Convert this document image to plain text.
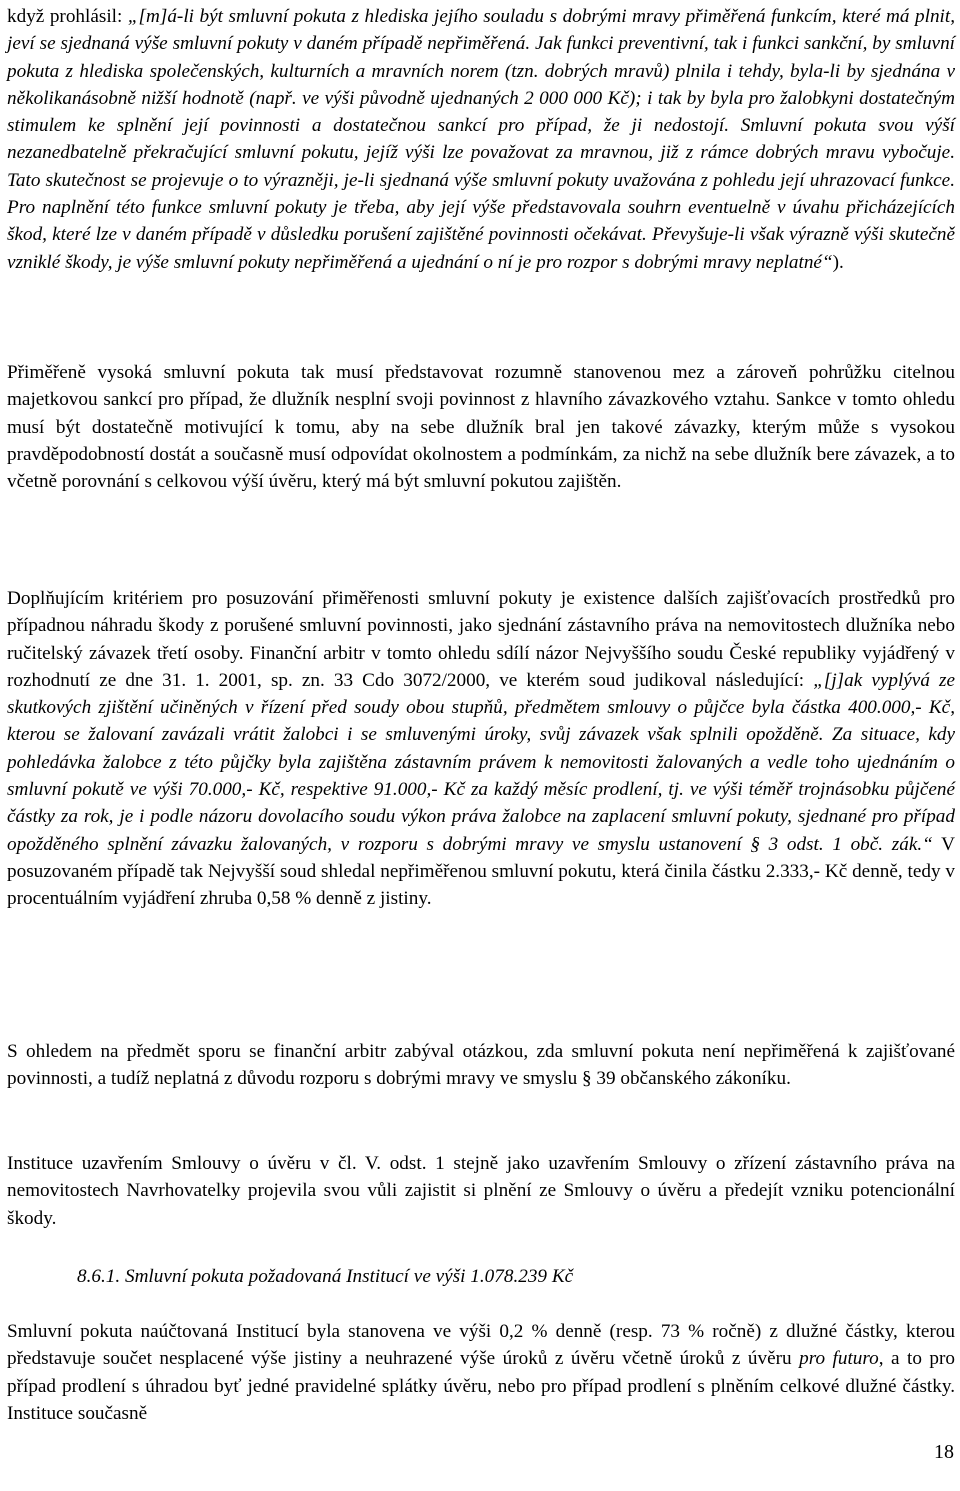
když prohlásil: „[m]á-li být smluvní pokuta z hlediska jejího souladu s dobrými mravy přiměřená funkcím, které má plnit, jeví se sjednaná výše smluvní pokuty v daném případě nepřiměřená. Jak funkci preventivní, tak i funkci sankční, by smluvní pokuta z hlediska společenských, kulturních a mravních norem (tzn. dobrých mravů) plnila i tehdy, byla-li by sjednána v několikanásobně nižší hodnotě (např. ve výši původně ujednaných 2 000 000 Kč); i tak by byla pro žalobkyni dostatečným stimulem ke splnění její povinnosti a dostatečnou sankcí pro případ, že ji nedostojí. Smluvní pokuta svou výší nezanedbatelně překračující smluvní pokutu, jejíž výši lze považovat za mravnou, již z rámce dobrých mravu vybočuje. Tato skutečnost se projevuje o to výrazněji, je-li sjednaná výše smluvní pokuty uvažována z pohledu její uhrazovací funkce. Pro naplnění této funkce smluvní pokuty je třeba, aby její výše představovala souhrn eventuelně v úvahu přicházejících škod, které lze v daném případě v důsledku porušení zajištěné povinnosti očekávat. Převyšuje-li však výrazně výši skutečně vzniklé škody, je výše smluvní pokuty nepřiměřená a ujednání o ní je pro rozpor s dobrými mravy neplatné“).

Přiměřeně vysoká smluvní pokuta tak musí představovat rozumně stanovenou mez a zároveň pohrůžku citelnou majetkovou sankcí pro případ, že dlužník nesplní svoji povinnost z hlavního závazkového vztahu. Sankce v tomto ohledu musí být dostatečně motivující k tomu, aby na sebe dlužník bral jen takové závazky, kterým může s vysokou pravděpodobností dostát a současně musí odpovídat okolnostem a podmínkám, za nichž na sebe dlužník bere závazek, a to včetně porovnání s celkovou výší úvěru, který má být smluvní pokutou zajištěn.

Doplňujícím kritériem pro posuzování přiměřenosti smluvní pokuty je existence dalších zajišťovacích prostředků pro případnou náhradu škody z porušené smluvní povinnosti, jako sjednání zástavního práva na nemovitostech dlužníka nebo ručitelský závazek třetí osoby. Finanční arbitr v tomto ohledu sdílí názor Nejvyššího soudu České republiky vyjádřený v rozhodnutí ze dne 31. 1. 2001, sp. zn. 33 Cdo 3072/2000, ve kterém soud judikoval následující: „[j]ak vyplývá ze skutkových zjištění učiněných v řízení před soudy obou stupňů, předmětem smlouvy o půjčce byla částka 400.000,- Kč, kterou se žalovaní zavázali vrátit žalobci i se smluvenými úroky, svůj závazek však splnili opožděně. Za situace, kdy pohledávka žalobce z této půjčky byla zajištěna zástavním právem k nemovitosti žalovaných a vedle toho ujednáním o smluvní pokutě ve výši 70.000,- Kč, respektive 91.000,- Kč za každý měsíc prodlení, tj. ve výši téměř trojnásobku půjčené částky za rok, je i podle názoru dovolacího soudu výkon práva žalobce na zaplacení smluvní pokuty, sjednané pro případ opožděného splnění závazku žalovaných, v rozporu s dobrými mravy ve smyslu ustanovení § 3 odst. 1 obč. zák.“ V posuzovaném případě tak Nejvyšší soud shledal nepřiměřenou smluvní pokutu, která činila částku 2.333,- Kč denně, tedy v procentuálním vyjádření zhruba 0,58 % denně z jistiny.

S ohledem na předmět sporu se finanční arbitr zabýval otázkou, zda smluvní pokuta není nepřiměřená k zajišťované povinnosti, a tudíž neplatná z důvodu rozporu s dobrými mravy ve smyslu § 39 občanského zákoníku.

Instituce uzavřením Smlouvy o úvěru v čl. V. odst. 1 stejně jako uzavřením Smlouvy o zřízení zástavního práva na nemovitostech Navrhovatelky projevila svou vůli zajistit si plnění ze Smlouvy o úvěru a předejít vzniku potencionální škody.

8.6.1. Smluvní pokuta požadovaná Institucí ve výši 1.078.239 Kč

Smluvní pokuta naúčtovaná Institucí byla stanovena ve výši 0,2 % denně (resp. 73 % ročně) z dlužné částky, kterou představuje součet nesplacené výše jistiny a neuhrazené výše úroků z úvěru včetně úroků z úvěru pro futuro, a to pro případ prodlení s úhradou byť jedné pravidelné splátky úvěru, nebo pro případ prodlení s plněním celkové dlužné částky. Instituce současně

18
